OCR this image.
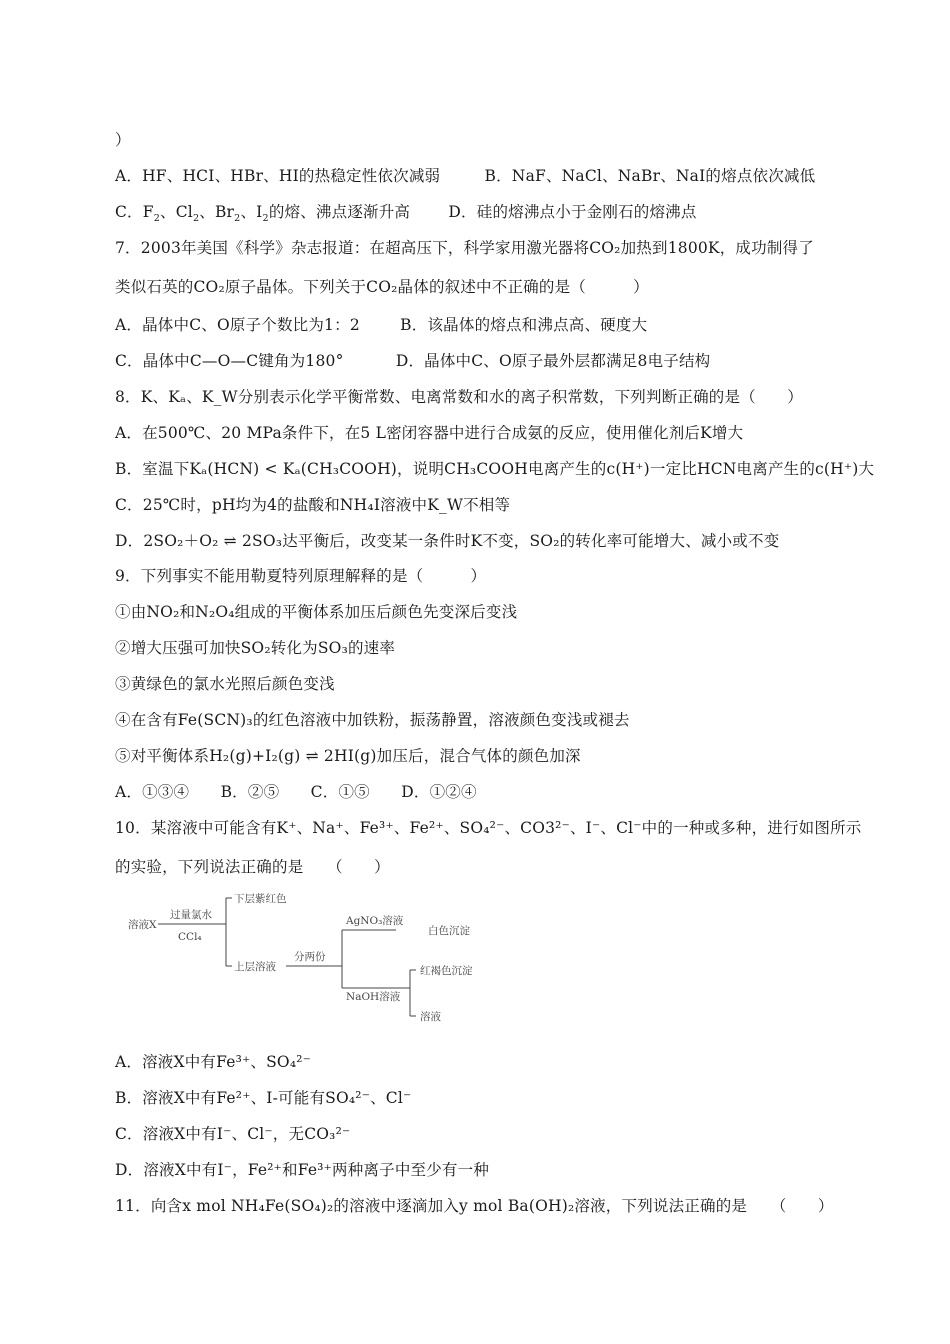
）
A．HF、HCI、HBr、HI的热稳定性依次减弱	B．NaF、NaCl、NaBr、NaI的熔点依次减低
C．$F_2$、$Cl_2$、$Br_2$、$I_2$的熔、沸点逐渐升高 D．硅的熔沸点小于金刚石的熔沸点
7．2003年美国《科学》杂志报道：在超高压下，科学家用激光器将CO₂加热到1800K，成功制得了
类似石英的CO₂原子晶体。下列关于CO₂晶体的叙述中不正确的是（　　　）
A．晶体中C、O原子个数比为1：2	B．该晶体的熔点和沸点高、硬度大
C．晶体中C—O—C键角为180°	D．晶体中C、O原子最外层都满足8电子结构
8．K、Kₐ、K_W分别表示化学平衡常数、电离常数和水的离子积常数，下列判断正确的是（　　）
A．在500℃、20 MPa条件下，在5 L密闭容器中进行合成氨的反应，使用催化剂后K增大
B．室温下Kₐ(HCN) < Kₐ(CH₃COOH)，说明CH₃COOH电离产生的c(H⁺)一定比HCN电离产生的c(H⁺)大
C．25℃时，pH均为4的盐酸和NH₄I溶液中K_W不相等
D．2SO₂＋O₂ ⇌ 2SO₃达平衡后，改变某一条件时K不变，SO₂的转化率可能增大、减小或不变
9．下列事实不能用勒夏特列原理解释的是（　　　）
①由NO₂和N₂O₄组成的平衡体系加压后颜色先变深后变浅
②增大压强可加快SO₂转化为SO₃的速率
③黄绿色的氯水光照后颜色变浅
④在含有Fe(SCN)₃的红色溶液中加铁粉，振荡静置，溶液颜色变浅或褪去
⑤对平衡体系H₂(g)+I₂(g) ⇌ 2HI(g)加压后，混合气体的颜色加深
A．①③④　　B．②⑤　　C．①⑤　　D．①②④
10．某溶液中可能含有K⁺、Na⁺、Fe³⁺、Fe²⁺、SO₄²⁻、CO3²⁻、I⁻、Cl⁻中的一种或多种，进行如图所示
的实验，下列说法正确的是　　（　　）
溶液X
过量氯水
CCl₄
下层紫红色
上层溶液
分两份
AgNO₃溶液
白色沉淀
NaOH溶液
红褐色沉淀
溶液
A．溶液X中有Fe³⁺、SO₄²⁻
B．溶液X中有Fe²⁺、I-可能有SO₄²⁻、Cl⁻
C．溶液X中有I⁻、Cl⁻，无CO₃²⁻
D．溶液X中有I⁻，Fe²⁺和Fe³⁺两种离子中至少有一种
11．向含x mol NH₄Fe(SO₄)₂的溶液中逐滴加入y mol Ba(OH)₂溶液，下列说法正确的是　　（　　）
